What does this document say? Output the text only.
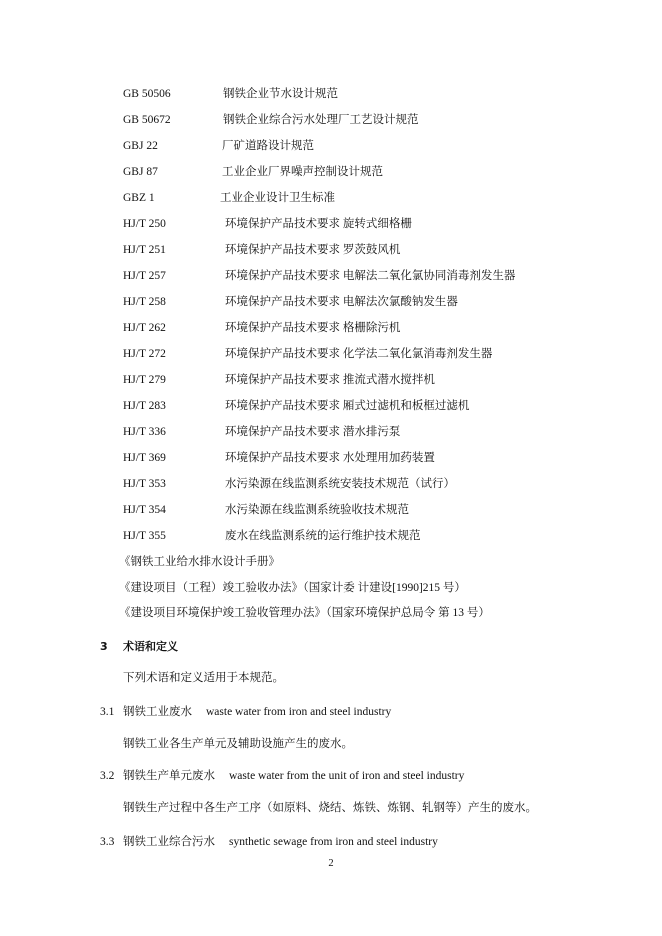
GB 50506	钢铁企业节水设计规范
GB 50672	钢铁企业综合污水处理厂工艺设计规范
GBJ 22	厂矿道路设计规范
GBJ 87	工业企业厂界噪声控制设计规范
GBZ 1	工业企业设计卫生标准
HJ/T 250	环境保护产品技术要求 旋转式细格栅
HJ/T 251	环境保护产品技术要求 罗茨鼓风机
HJ/T 257	环境保护产品技术要求 电解法二氧化氯协同消毒剂发生器
HJ/T 258	环境保护产品技术要求 电解法次氯酸钠发生器
HJ/T 262	环境保护产品技术要求 格栅除污机
HJ/T 272	环境保护产品技术要求 化学法二氧化氯消毒剂发生器
HJ/T 279	环境保护产品技术要求 推流式潜水搅拌机
HJ/T 283	环境保护产品技术要求 厢式过滤机和板框过滤机
HJ/T 336	环境保护产品技术要求 潜水排污泵
HJ/T 369	环境保护产品技术要求 水处理用加药装置
HJ/T 353	水污染源在线监测系统安装技术规范（试行）
HJ/T 354	水污染源在线监测系统验收技术规范
HJ/T 355	废水在线监测系统的运行维护技术规范
《钢铁工业给水排水设计手册》
《建设项目（工程）竣工验收办法》（国家计委 计建设[1990]215 号）
《建设项目环境保护竣工验收管理办法》（国家环境保护总局令 第 13 号）
3 术语和定义
下列术语和定义适用于本规范。
3.1 钢铁工业废水 waste water from iron and steel industry
钢铁工业各生产单元及辅助设施产生的废水。
3.2 钢铁生产单元废水 waste water from the unit of iron and steel industry
钢铁生产过程中各生产工序（如原料、烧结、炼铁、炼钢、轧钢等）产生的废水。
3.3 钢铁工业综合污水 synthetic sewage from iron and steel industry
2
